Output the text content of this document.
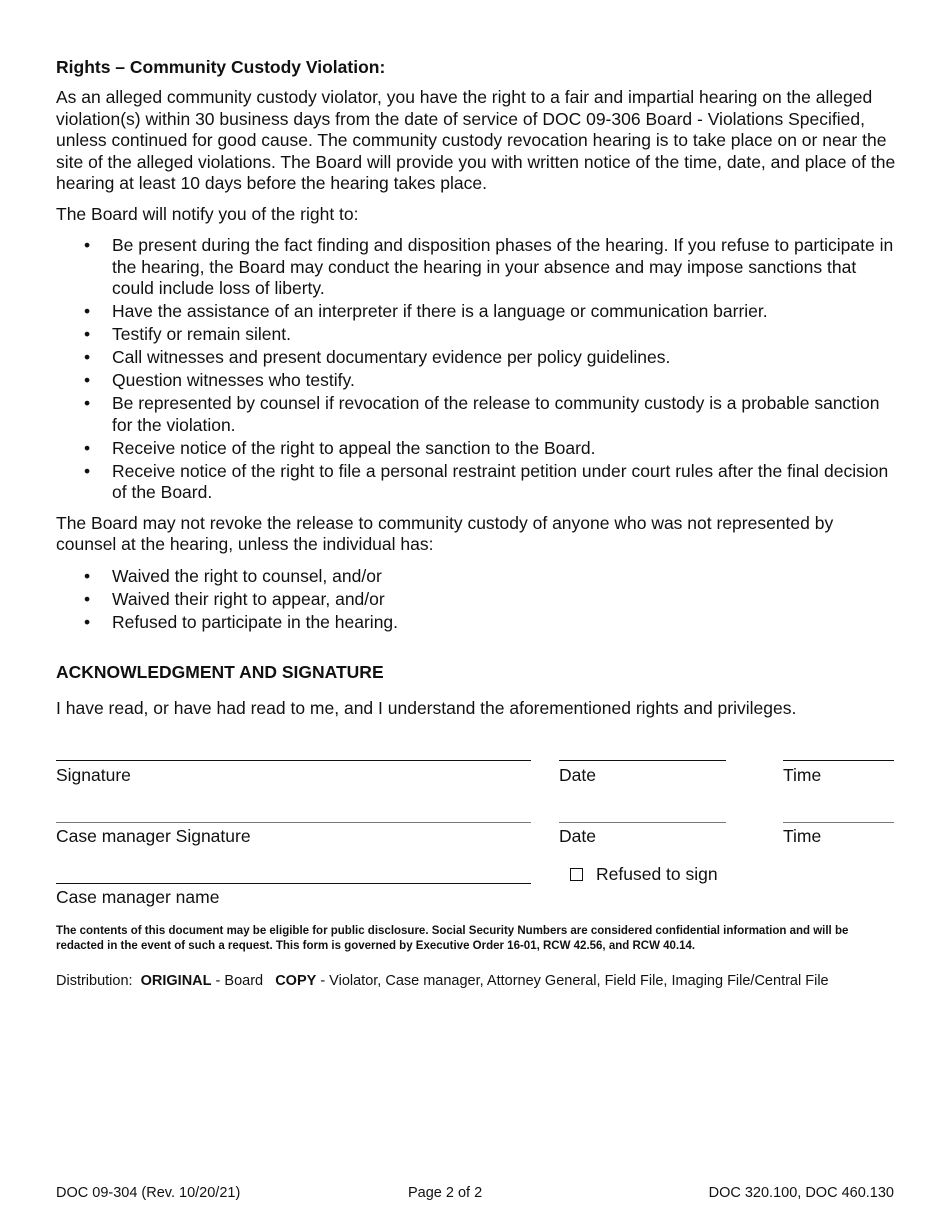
Rights – Community Custody Violation:

As an alleged community custody violator, you have the right to a fair and impartial hearing on the alleged violation(s) within 30 business days from the date of service of DOC 09-306 Board - Violations Specified, unless continued for good cause. The community custody revocation hearing is to take place on or near the site of the alleged violations. The Board will provide you with written notice of the time, date, and place of the hearing at least 10 days before the hearing takes place.

The Board will notify you of the right to:

• Be present during the fact finding and disposition phases of the hearing. If you refuse to participate in the hearing, the Board may conduct the hearing in your absence and may impose sanctions that could include loss of liberty.
• Have the assistance of an interpreter if there is a language or communication barrier.
• Testify or remain silent.
• Call witnesses and present documentary evidence per policy guidelines.
• Question witnesses who testify.
• Be represented by counsel if revocation of the release to community custody is a probable sanction for the violation.
• Receive notice of the right to appeal the sanction to the Board.
• Receive notice of the right to file a personal restraint petition under court rules after the final decision of the Board.

The Board may not revoke the release to community custody of anyone who was not represented by counsel at the hearing, unless the individual has:

• Waived the right to counsel, and/or
• Waived their right to appear, and/or
• Refused to participate in the hearing.
ACKNOWLEDGMENT AND SIGNATURE

I have read, or have had read to me, and I understand the aforementioned rights and privileges.

Signature	Date	Time

Case manager Signature	Date	Time

Refused to sign

Case manager name

The contents of this document may be eligible for public disclosure. Social Security Numbers are considered confidential information and will be redacted in the event of such a request. This form is governed by Executive Order 16-01, RCW 42.56, and RCW 40.14.

Distribution: ORIGINAL - Board COPY - Violator, Case manager, Attorney General, Field File, Imaging File/Central File

DOC 09-304 (Rev. 10/20/21)	Page 2 of 2	DOC 320.100, DOC 460.130
